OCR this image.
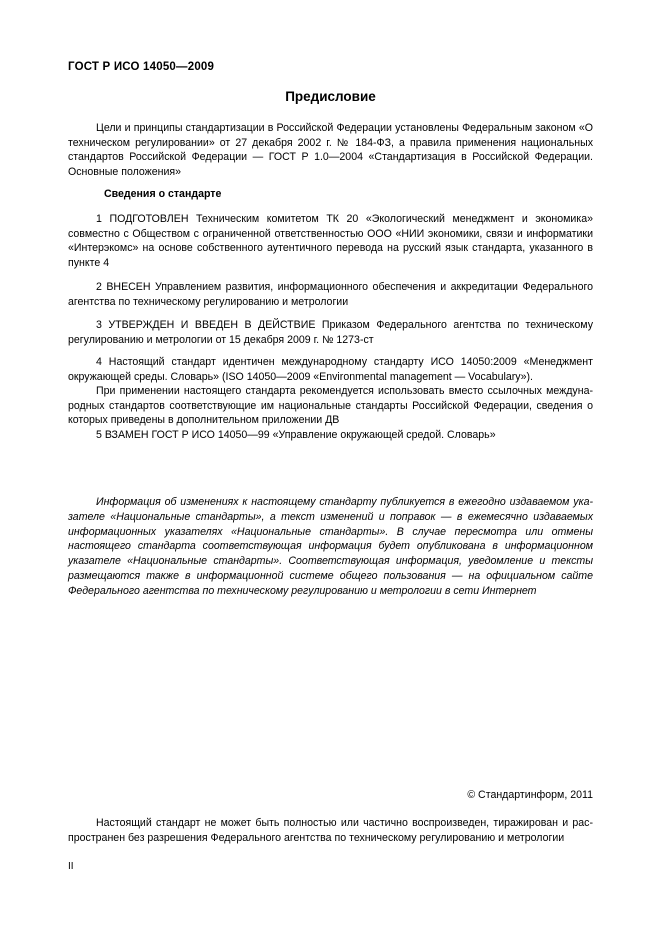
ГОСТ Р ИСО 14050—2009
Предисловие
Цели и принципы стандартизации в Российской Федерации установлены Федеральным законом «О техническом регулировании» от 27 декабря 2002 г. № 184-ФЗ, а правила применения национальных стандартов Российской Федерации — ГОСТ Р 1.0—2004 «Стандартизация в Российской Федерации. Основные положения»
Сведения о стандарте
1 ПОДГОТОВЛЕН Техническим комитетом ТК 20 «Экологический менеджмент и экономика» совместно с Обществом с ограниченной ответственностью ООО «НИИ экономики, связи и информатики «Интерэкомс» на основе собственного аутентичного перевода на русский язык стандарта, указанного в пункте 4
2 ВНЕСЕН Управлением развития, информационного обеспечения и аккредитации Федерального агентства по техническому регулированию и метрологии
3 УТВЕРЖДЕН И ВВЕДЕН В ДЕЙСТВИЕ Приказом Федерального агентства по техническому регулированию и метрологии от 15 декабря 2009 г. № 1273-ст
4 Настоящий стандарт идентичен международному стандарту ИСО 14050:2009 «Менеджмент окружающей среды. Словарь» (ISO 14050—2009 «Environmental management — Vocabulary»).
При применении настоящего стандарта рекомендуется использовать вместо ссылочных международных стандартов соответствующие им национальные стандарты Российской Федерации, сведения о которых приведены в дополнительном приложении ДВ
5 ВЗАМЕН ГОСТ Р ИСО 14050—99 «Управление окружающей средой. Словарь»
Информация об изменениях к настоящему стандарту публикуется в ежегодно издаваемом указателе «Национальные стандарты», а текст изменений и поправок — в ежемесячно издаваемых информационных указателях «Национальные стандарты». В случае пересмотра или отмены настоящего стандарта соответствующая информация будет опубликована в информационном указателе «Национальные стандарты». Соответствующая информация, уведомление и тексты размещаются также в информационной системе общего пользования — на официальном сайте Федерального агентства по техническому регулированию и метрологии в сети Интернет
© Стандартинформ, 2011
Настоящий стандарт не может быть полностью или частично воспроизведен, тиражирован и распространен без разрешения Федерального агентства по техническому регулированию и метрологии
II
